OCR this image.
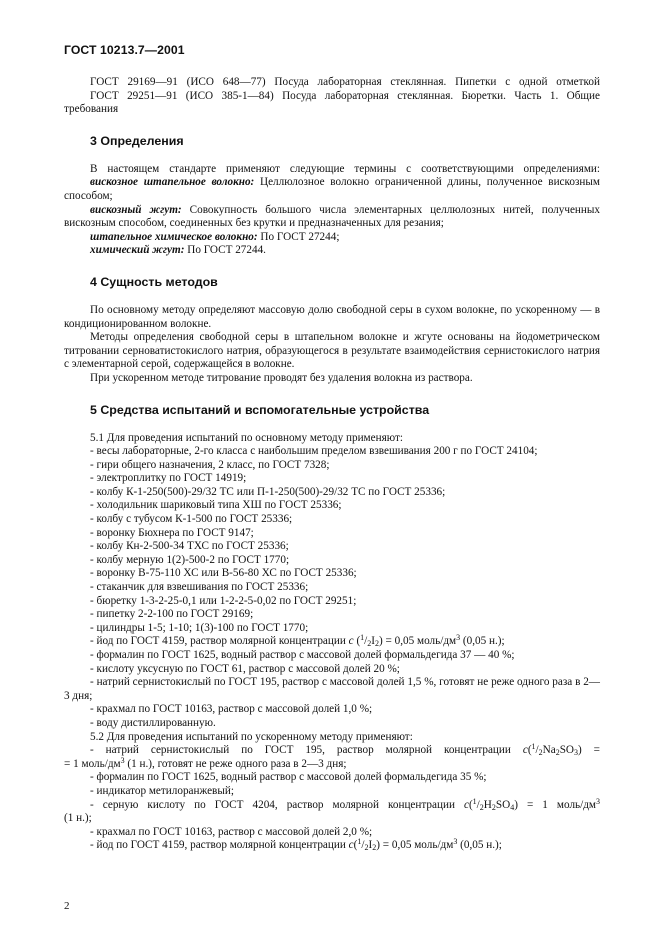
ГОСТ 10213.7—2001

ГОСТ 29169—91 (ИСО 648—77) Посуда лабораторная стеклянная. Пипетки с одной отметкой

ГОСТ 29251—91 (ИСО 385-1—84) Посуда лабораторная стеклянная. Бюретки. Часть 1. Общие

требования

3 Определения

В настоящем стандарте применяют следующие термины с соответствующими определениями:

вискозное штапельное волокно: Целлюлозное волокно ограниченной длины, полученное вискозным способом;

вискозный жгут: Совокупность большого числа элементарных целлюлозных нитей, полученных вискозным способом, соединенных без крутки и предназначенных для резания;

штапельное химическое волокно: По ГОСТ 27244;

химический жгут: По ГОСТ 27244.

4 Сущность методов

По основному методу определяют массовую долю свободной серы в сухом волокне, по ускоренному — в кондиционированном волокне.

Методы определения свободной серы в штапельном волокне и жгуте основаны на йодометрическом титровании серноватистокислого натрия, образующегося в результате взаимодействия сернистокислого натрия с элементарной серой, содержащейся в волокне.

При ускоренном методе титрование проводят без удаления волокна из раствора.

5 Средства испытаний и вспомогательные устройства

5.1 Для проведения испытаний по основному методу применяют:

- весы лабораторные, 2-го класса с наибольшим пределом взвешивания 200 г по ГОСТ 24104;

- гири общего назначения, 2 класс, по ГОСТ 7328;

- электроплитку по ГОСТ 14919;

- колбу К-1-250(500)-29/32 ТС или П-1-250(500)-29/32 ТС по ГОСТ 25336;

- холодильник шариковый типа ХШ по ГОСТ 25336;

- колбу с тубусом К-1-500 по ГОСТ 25336;

- воронку Бюхнера по ГОСТ 9147;

- колбу Кн-2-500-34 ТХС по ГОСТ 25336;

- колбу мерную 1(2)-500-2 по ГОСТ 1770;

- воронку В-75-110 ХС или В-56-80 ХС по ГОСТ 25336;

- стаканчик для взвешивания по ГОСТ 25336;

- бюретку 1-3-2-25-0,1 или 1-2-2-5-0,02 по ГОСТ 29251;

- пипетку 2-2-100 по ГОСТ 29169;

- цилиндры 1-5; 1-10; 1(3)-100 по ГОСТ 1770;

- йод по ГОСТ 4159, раствор молярной концентрации с $(^1/_2I_2) = 0,05$ моль/$дм^3$ (0,05 н.);

- формалин по ГОСТ 1625, водный раствор с массовой долей формальдегида 37 — 40 %;

- кислоту уксусную по ГОСТ 61, раствор с массовой долей 20 %;

- натрий сернистокислый по ГОСТ 195, раствор с массовой долей 1,5 %, готовят не реже одного раза в 2—3 дня;

- крахмал по ГОСТ 10163, раствор с массовой долей 1,0 %;

- воду дистиллированную.

5.2 Для проведения испытаний по ускоренному методу применяют:

- натрий сернистокислый по ГОСТ 195, раствор молярной концентрации $c(^1/_2Na_2SO_3)$ =

= 1 моль/$дм^3$ (1 н.), готовят не реже одного раза в 2—3 дня;

- формалин по ГОСТ 1625, водный раствор с массовой долей формальдегида 35 %;

- индикатор метилоранжевый;

- серную кислоту по ГОСТ 4204, раствор молярной концентрации $c(^1/_2H_2SO_4) = 1$ моль/$дм^3$

(1 н.);

- крахмал по ГОСТ 10163, раствор с массовой долей 2,0 %;

- йод по ГОСТ 4159, раствор молярной концентрации $c(^1/_2I_2) = 0,05$ моль/$дм^3$ (0,05 н.);

2
